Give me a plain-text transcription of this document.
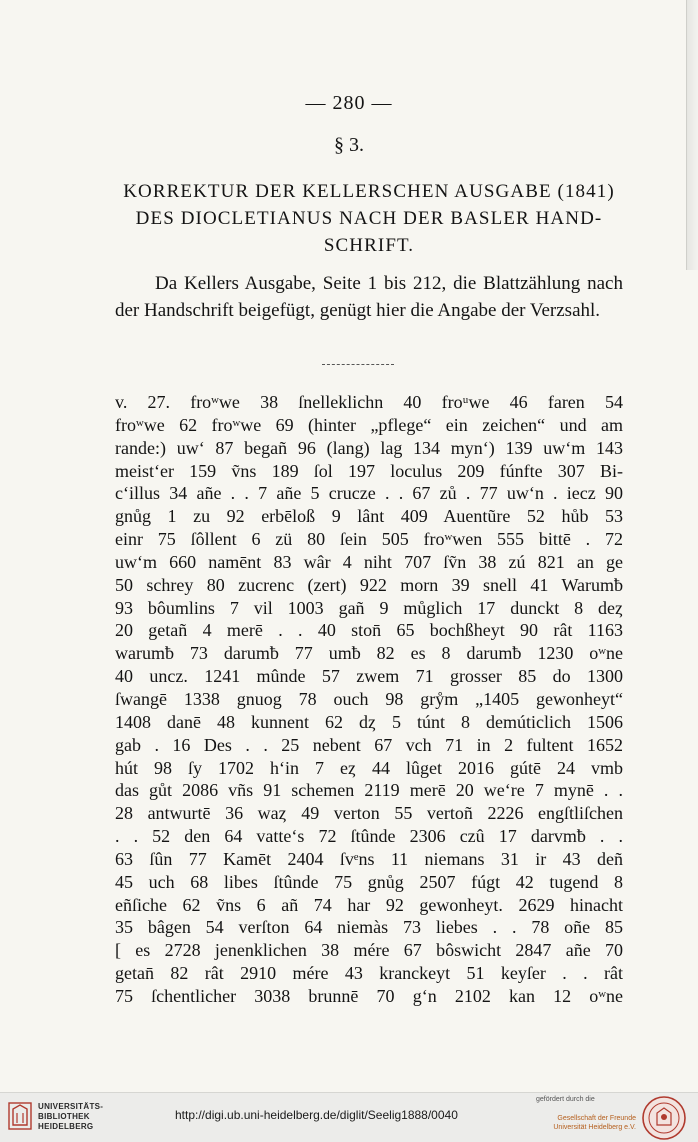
— 280 —
§ 3.
KORREKTUR DER KELLERSCHEN AUSGABE (1841)
DES DIOCLETIANUS NACH DER BASLER HAND-
SCHRIFT.
Da Kellers Ausgabe, Seite 1 bis 212, die Blattzählung nach der Handschrift beigefügt, genügt hier die Angabe der Verzsahl.
v. 27. froʷwe 38 ſnelleklichn 40 froᵘwe 46 faren 54
froʷwe 62 froʷwe 69 (hinter „pflege“ ein zeichen“ und am
rande:) uw‘ 87 begañ 96 (lang) lag 134 myn‘) 139 uw‘m 143
meist‘er 159 ṽns 189 ſol 197 loculus 209 fúnfte 307 Bi-
c‘illus 34 añe . . 7 añe 5 crucze . . 67 zů . 77 uw‘n . iecz 90
gnůg 1 zu 92 erbēloß 9 lânt 409 Auentũre 52 hůb 53
einr 75 ſôllent 6 zü 80 ſein 505 froʷwen 555 bittē . 72
uw‘m 660 namēnt 83 wâr 4 niht 707 ſṽn 38 zú 821 an ge
50 schrey 80 zucrenc (zert) 922 morn 39 snell 41 Warumƀ
93 bôumlins 7 vil 1003 gañ 9 můglich 17 dunckt 8 deȥ
20 getañ 4 merē . . 40 ston̄ 65 bochßheyt 90 rât 1163
warumƀ 73 darumƀ 77 umƀ 82 es 8 darumƀ 1230 oʷne
40 uncz. 1241 mûnde 57 zwem 71 grosser 85 do 1300
ſwangē 1338 gnuog 78 ouch 98 grẙm „1405 gewonheyt“
1408 danē 48 kunnent 62 dȥ 5 túnt 8 demúticlich 1506
gab . 16 Des . . 25 nebent 67 vch 71 in 2 fultent 1652
hút 98 ſy 1702 h‘in 7 eȥ 44 lûget 2016 gútē 24 vmb
das gůt 2086 vñs 91 schemen 2119 merē 20 we‘re 7 mynē . .
28 antwurtē 36 waȥ 49 verton 55 vertoñ 2226 engſtliſchen
. . 52 den 64 vatte‘s 72 ſtûnde 2306 czû 17 darvmƀ . .
63 ſûn 77 Kamēt 2404 ſvᵉns 11 niemans 31 ir 43 deñ
45 uch 68 libes ſtûnde 75 gnůg 2507 fúgt 42 tugend 8
eñſiche 62 ṽns 6 añ 74 har 92 gewonheyt. 2629 hinacht
35 bâgen 54 verſton 64 niemàs 73 liebes . . 78 oñe 85
[ es 2728 jenenklichen 38 mére 67 bôswicht 2847 añe 70
getan̄ 82 rât 2910 mére 43 kranckeyt 51 keyſer . . rât
75 ſchentlicher 3038 brunnē 70 g‘n 2102 kan 12 oʷne
UNIVERSITÄTS-
BIBLIOTHEK
HEIDELBERG
http://digi.ub.uni-heidelberg.de/diglit/Seelig1888/0040
gefördert durch die
Gesellschaft der Freunde
Universität Heidelberg e.V.
